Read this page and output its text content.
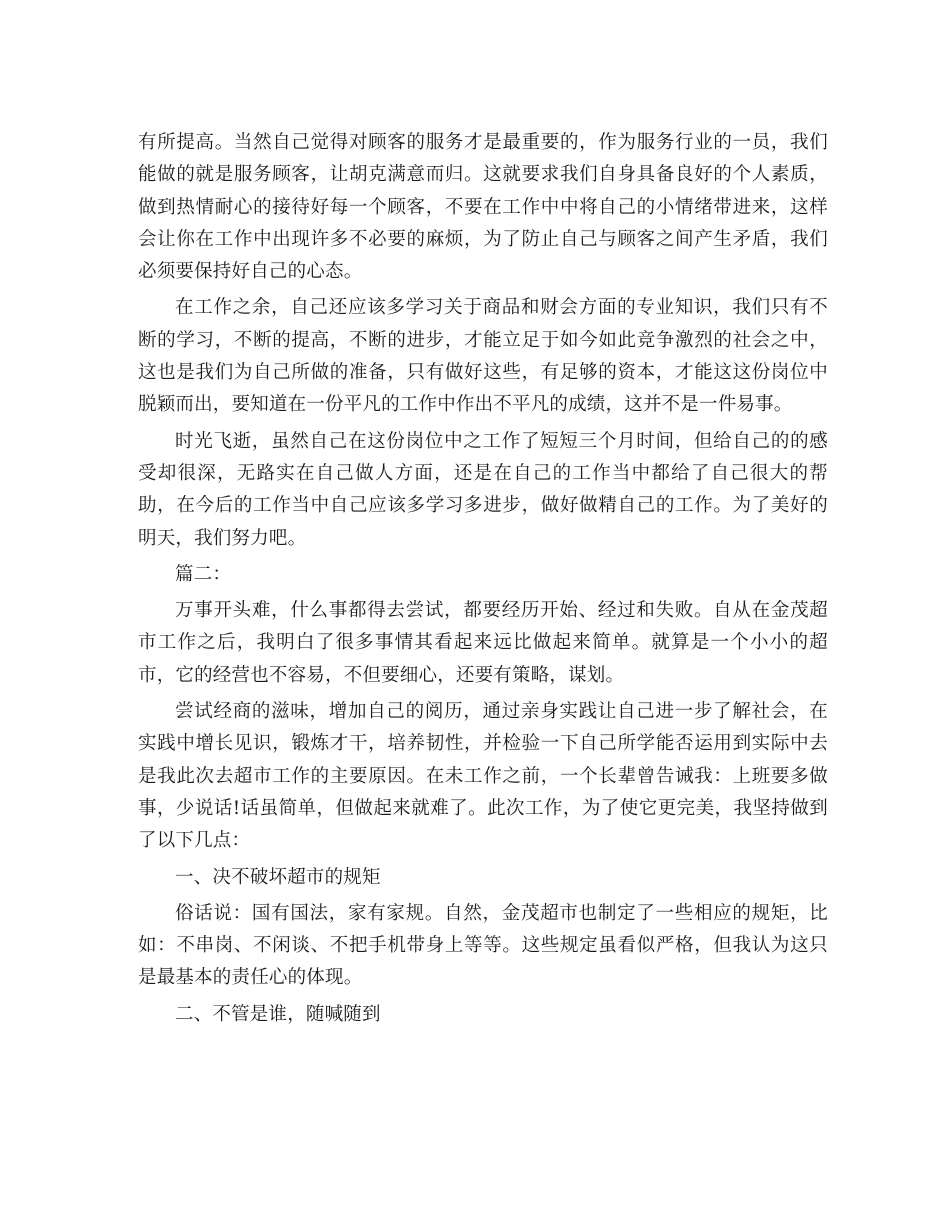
有所提高。当然自己觉得对顾客的服务才是最重要的，作为服务行业的一员，我们能做的就是服务顾客，让胡克满意而归。这就要求我们自身具备良好的个人素质，做到热情耐心的接待好每一个顾客，不要在工作中中将自己的小情绪带进来，这样会让你在工作中出现许多不必要的麻烦，为了防止自己与顾客之间产生矛盾，我们必须要保持好自己的心态。

在工作之余，自己还应该多学习关于商品和财会方面的专业知识，我们只有不断的学习，不断的提高，不断的进步，才能立足于如今如此竞争激烈的社会之中，这也是我们为自己所做的准备，只有做好这些，有足够的资本，才能这这份岗位中脱颖而出，要知道在一份平凡的工作中作出不平凡的成绩，这并不是一件易事。

时光飞逝，虽然自己在这份岗位中之工作了短短三个月时间，但给自己的的感受却很深，无路实在自己做人方面，还是在自己的工作当中都给了自己很大的帮助，在今后的工作当中自己应该多学习多进步，做好做精自己的工作。为了美好的明天，我们努力吧。

篇二：

万事开头难，什么事都得去尝试，都要经历开始、经过和失败。自从在金茂超市工作之后，我明白了很多事情其看起来远比做起来简单。就算是一个小小的超市，它的经营也不容易，不但要细心，还要有策略，谋划。

尝试经商的滋味，增加自己的阅历，通过亲身实践让自己进一步了解社会，在实践中增长见识，锻炼才干，培养韧性，并检验一下自己所学能否运用到实际中去是我此次去超市工作的主要原因。在未工作之前，一个长辈曾告诫我：上班要多做事，少说话!话虽简单，但做起来就难了。此次工作，为了使它更完美，我坚持做到了以下几点：

一、决不破坏超市的规矩

俗话说：国有国法，家有家规。自然，金茂超市也制定了一些相应的规矩，比如：不串岗、不闲谈、不把手机带身上等等。这些规定虽看似严格，但我认为这只是最基本的责任心的体现。

二、不管是谁，随喊随到
